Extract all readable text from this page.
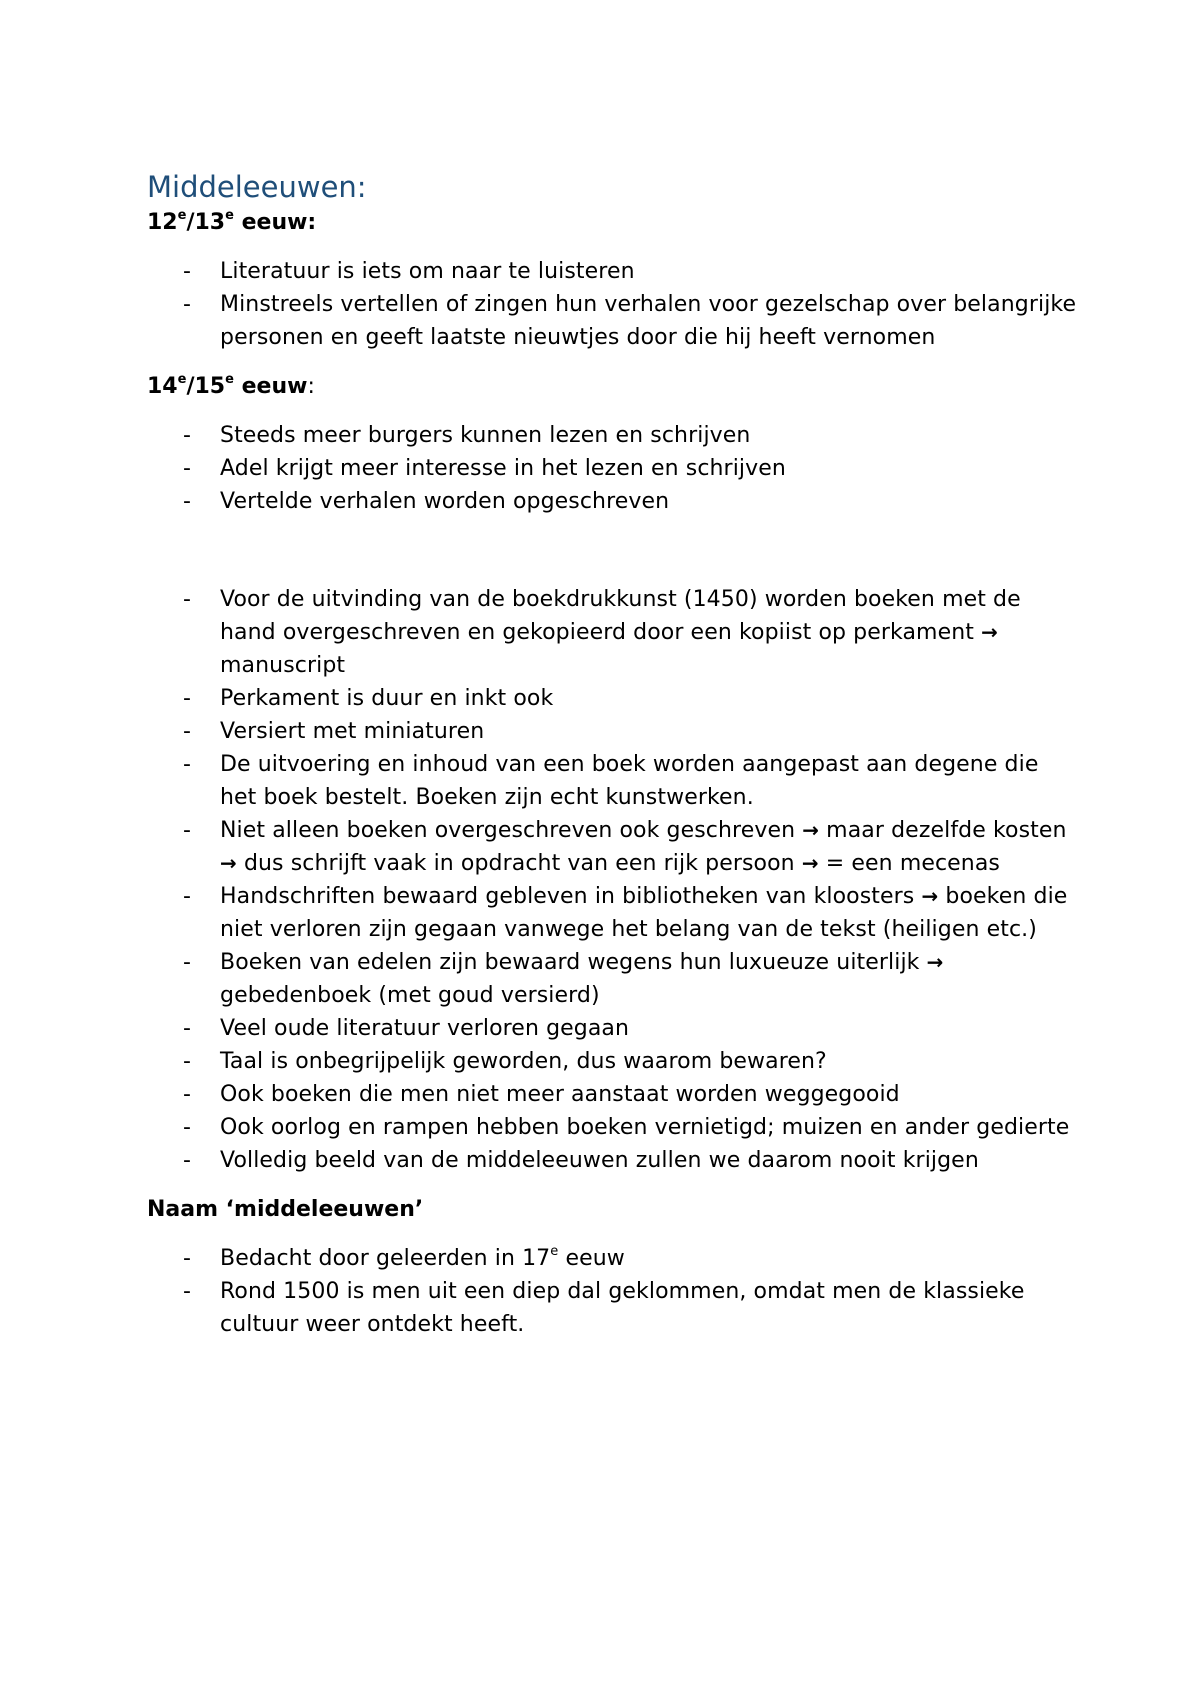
Middeleeuwen:

12e/13e eeuw:

- Literatuur is iets om naar te luisteren
- Minstreels vertellen of zingen hun verhalen voor gezelschap over belangrijke personen en geeft laatste nieuwtjes door die hij heeft vernomen

14e/15e eeuw:

- Steeds meer burgers kunnen lezen en schrijven
- Adel krijgt meer interesse in het lezen en schrijven
- Vertelde verhalen worden opgeschreven
- Voor de uitvinding van de boekdrukkunst (1450) worden boeken met de hand overgeschreven en gekopieerd door een kopiist op perkament → manuscript
- Perkament is duur en inkt ook
- Versiert met miniaturen
- De uitvoering en inhoud van een boek worden aangepast aan degene die het boek bestelt. Boeken zijn echt kunstwerken.
- Niet alleen boeken overgeschreven ook geschreven → maar dezelfde kosten → dus schrijft vaak in opdracht van een rijk persoon → = een mecenas
- Handschriften bewaard gebleven in bibliotheken van kloosters → boeken die niet verloren zijn gegaan vanwege het belang van de tekst (heiligen etc.)
- Boeken van edelen zijn bewaard wegens hun luxueuze uiterlijk → gebedenboek (met goud versierd)
- Veel oude literatuur verloren gegaan
- Taal is onbegrijpelijk geworden, dus waarom bewaren?
- Ook boeken die men niet meer aanstaat worden weggegooid
- Ook oorlog en rampen hebben boeken vernietigd; muizen en ander gedierte
- Volledig beeld van de middeleeuwen zullen we daarom nooit krijgen

Naam ‘middeleeuwen’

- Bedacht door geleerden in 17e eeuw
- Rond 1500 is men uit een diep dal geklommen, omdat men de klassieke cultuur weer ontdekt heeft.
